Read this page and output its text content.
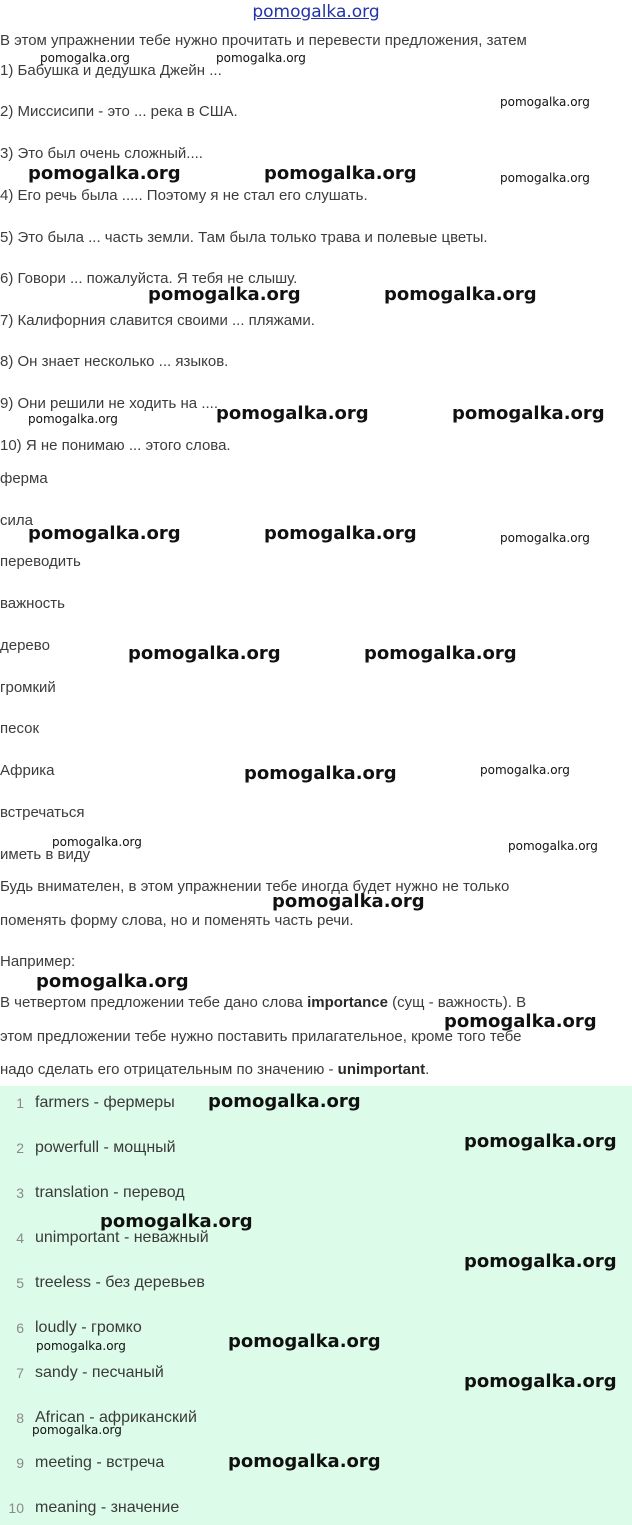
pomogalka.org
В этом упражнении тебе нужно прочитать и перевести предложения, затем
1) Бабушка и дедушка Джейн ...
2) Миссисипи - это ... река в США.
3) Это был очень сложный....
4) Его речь была ..... Поэтому я не стал его слушать.
5) Это была ... часть земли. Там была только трава и полевые цветы.
6) Говори ... пожалуйста. Я тебя не слышу.
7) Калифорния славится своими ... пляжами.
8) Он знает несколько ... языков.
9) Они решили не ходить на ....
10) Я не понимаю ... этого слова.
ферма
сила
переводить
важность
дерево
громкий
песок
Африка
встречаться
иметь в виду
Будь внимателен, в этом упражнении тебе иногда будет нужно не только
поменять форму слова, но и поменять часть речи.
Например:
В четвертом предложении тебе дано слова importance (сущ - важность). В
этом предложении тебе нужно поставить прилагательное, кроме того тебе
надо сделать его отрицательным по значению - unimportant.
1 farmers - фермеры
2 powerfull - мощный
3 translation - перевод
4 unimportant - неважный
5 treeless - без деревьев
6 loudly - громко
7 sandy - песчаный
8 African - африканский
9 meeting - встреча
10 meaning - значение
pomogalka.org	pomogalka.org
pomogalka.org
pomogalka.org	pomogalka.org	pomogalka.org
pomogalka.org	pomogalka.org
pomogalka.org	pomogalka.org	pomogalka.org
pomogalka.org	pomogalka.org	pomogalka.org
pomogalka.org	pomogalka.org
pomogalka.org	pomogalka.org
pomogalka.org	pomogalka.org
pomogalka.org
pomogalka.org
pomogalka.org
pomogalka.org
pomogalka.org
pomogalka.org
pomogalka.org
pomogalka.org
pomogalka.org
pomogalka.org
pomogalka.org
pomogalka.org
